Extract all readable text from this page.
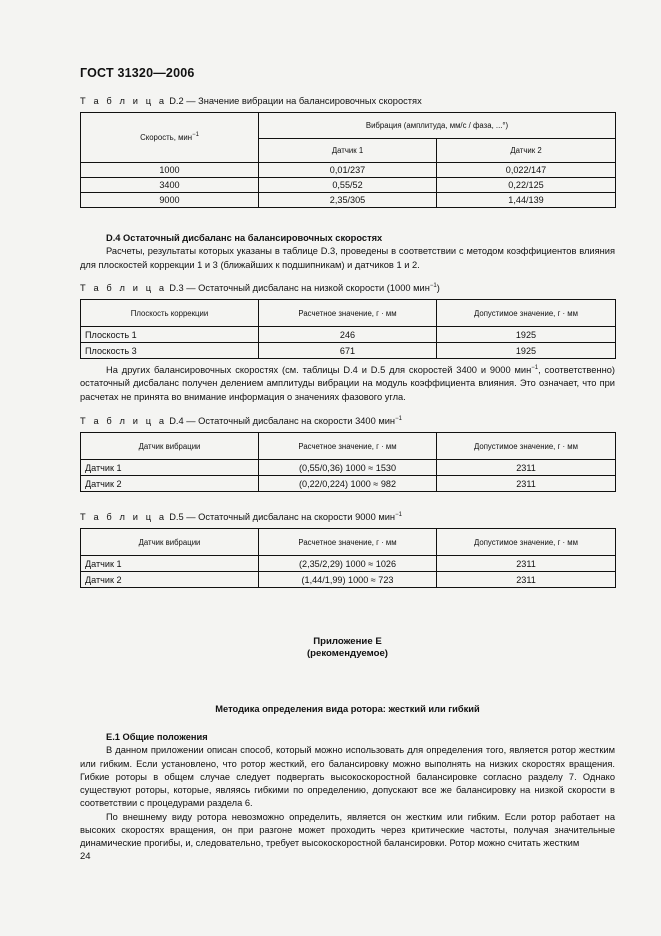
ГОСТ 31320—2006
Т а б л и ц а D.2 — Значение вибрации на балансировочных скоростях
Скорость, мин$^{-1}$	Вибрация (амплитуда, мм/с / фаза, ...°)	
	Датчик 1	Датчик 2
1000	0,01/237	0,022/147
3400	0,55/52	0,22/125
9000	2,35/305	1,44/139

D.4 Остаточный дисбаланс на балансировочных скоростях

Расчеты, результаты которых указаны в таблице D.3, проведены в соответствии с методом коэффициентов влияния для плоскостей коррекции 1 и 3 (ближайших к подшипникам) и датчиков 1 и 2.

Т а б л и ц а D.3 — Остаточный дисбаланс на низкой скорости (1000 мин$^{-1}$)
Плоскость коррекции	Расчетное значение, г · мм	Допустимое значение, г · мм
Плоскость 1	246	1925
Плоскость 3	671	1925

На других балансировочных скоростях (см. таблицы D.4 и D.5 для скоростей 3400 и 9000 мин$^{-1}$, соответственно) остаточный дисбаланс получен делением амплитуды вибрации на модуль коэффициента влияния. Это означает, что при расчетах не принята во внимание информация о значениях фазового угла.

Т а б л и ц а D.4 — Остаточный дисбаланс на скорости 3400 мин$^{-1}$
Датчик вибрации	Расчетное значение, г · мм	Допустимое значение, г · мм
Датчик 1	(0,55/0,36) 1000 ≈ 1530	2311
Датчик 2	(0,22/0,224) 1000 ≈ 982	2311
Т а б л и ц а D.5 — Остаточный дисбаланс на скорости 9000 мин$^{-1}$
Датчик вибрации	Расчетное значение, г · мм	Допустимое значение, г · мм
Датчик 1	(2,35/2,29) 1000 ≈ 1026	2311
Датчик 2	(1,44/1,99) 1000 ≈ 723	2311
Приложение Е
(рекомендуемое)
Методика определения вида ротора: жесткий или гибкий

Е.1 Общие положения

В данном приложении описан способ, который можно использовать для определения того, является ротор жестким или гибким. Если установлено, что ротор жесткий, его балансировку можно выполнять на низких скоростях вращения. Гибкие роторы в общем случае следует подвергать высокоскоростной балансировке согласно разделу 7. Однако существуют роторы, которые, являясь гибкими по определению, допускают все же балансировку на низкой скорости в соответствии с процедурами раздела 6.

По внешнему виду ротора невозможно определить, является он жестким или гибким. Если ротор работает на высоких скоростях вращения, он при разгоне может проходить через критические частоты, получая значительные динамические прогибы, и, следовательно, требует высокоскоростной балансировки. Ротор можно считать жестким

24
